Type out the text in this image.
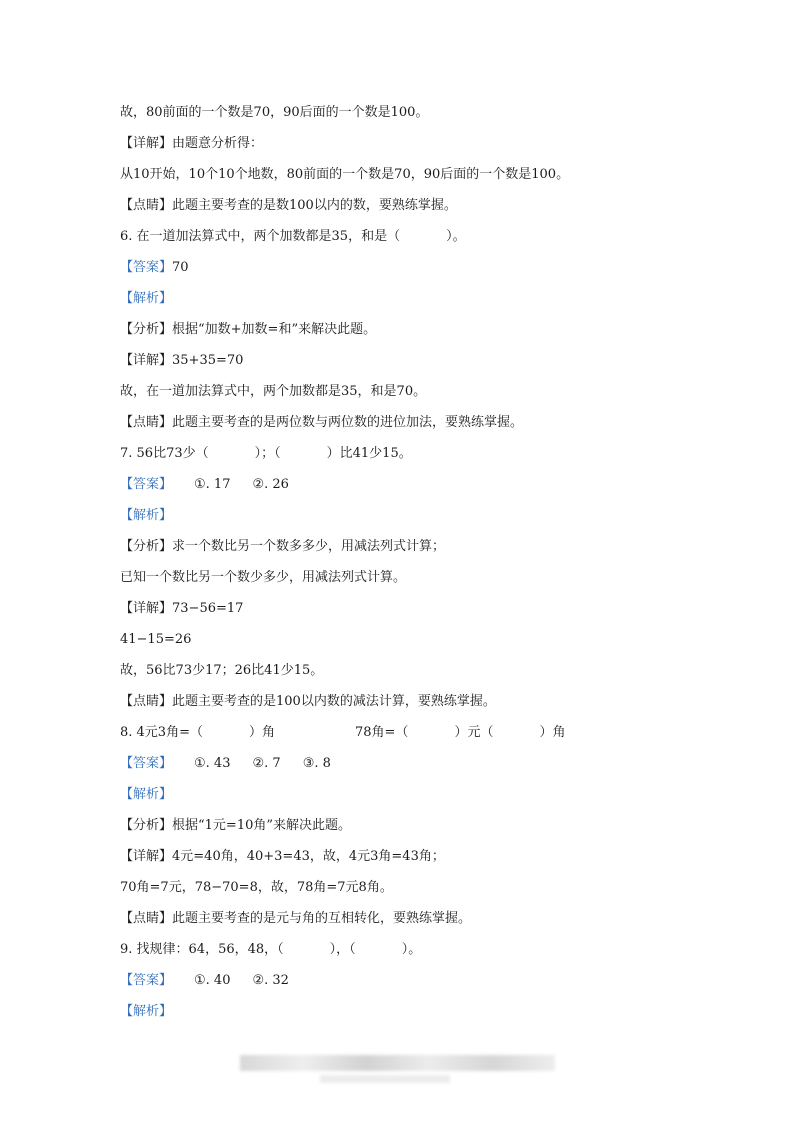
故，80前面的一个数是70，90后面的一个数是100。
【详解】由题意分析得：
从10开始，10个10个地数，80前面的一个数是70，90后面的一个数是100。
【点睛】此题主要考查的是数100以内的数，要熟练掌握。
6. 在一道加法算式中，两个加数都是35，和是（	）。
【答案】70
【解析】
【分析】根据“加数+加数=和”来解决此题。
【详解】35+35=70
故，在一道加法算式中，两个加数都是35，和是70。
【点睛】此题主要考查的是两位数与两位数的进位加法，要熟练掌握。
7. 56比73少（	）；（	）比41少15。
【答案】 ①. 17 ②. 26
【解析】
【分析】求一个数比另一个数多多少，用减法列式计算；
已知一个数比另一个数少多少，用减法列式计算。
【详解】73−56=17
41−15=26
故，56比73少17；26比41少15。
【点睛】此题主要考查的是100以内数的减法计算，要熟练掌握。
8. 4元3角=（	）角	78角=（	）元（	）角
【答案】 ①. 43 ②. 7 ③. 8
【解析】
【分析】根据“1元=10角”来解决此题。
【详解】4元=40角，40+3=43，故，4元3角=43角；
70角=7元，78−70=8，故，78角=7元8角。
【点睛】此题主要考查的是元与角的互相转化，要熟练掌握。
9. 找规律：64，56，48，（	），（	）。
【答案】 ①. 40 ②. 32
【解析】
